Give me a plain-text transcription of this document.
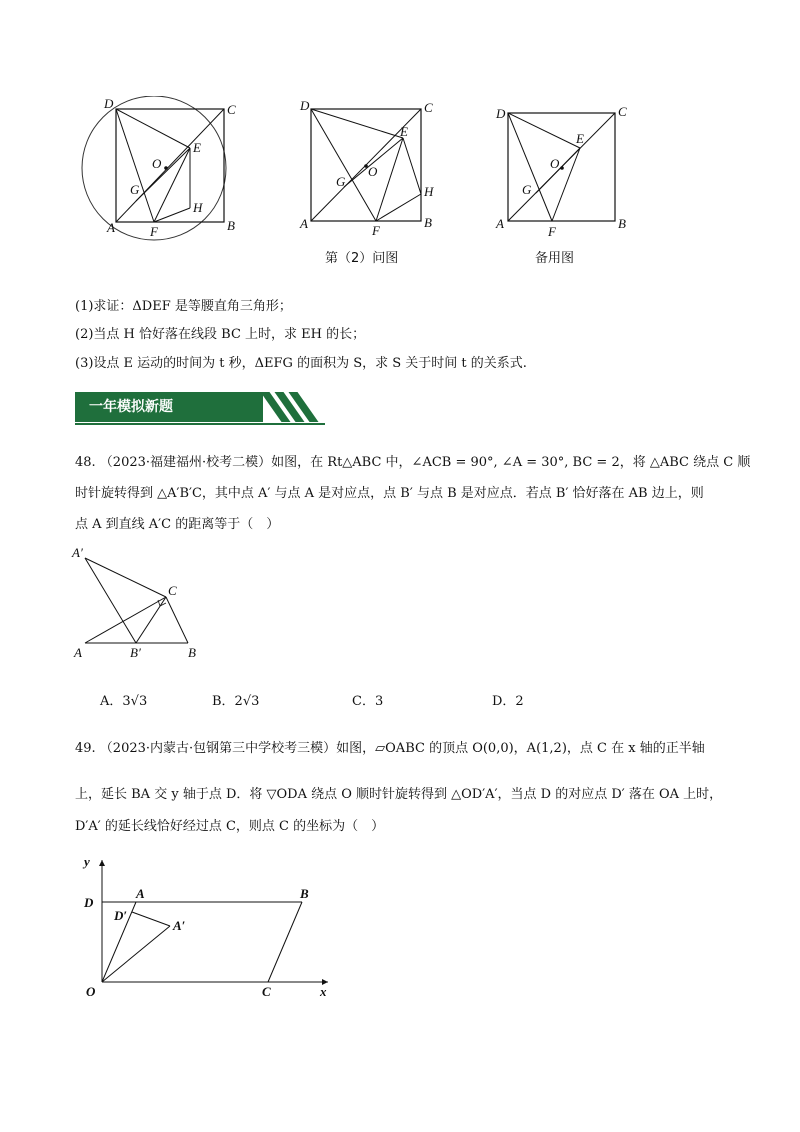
D	C
O
E
G
H
A	F	B
D	C
E
O
G
H
A	F
B
第（2）问图
D	C
E
O
G
A
F
B
备用图
(1)求证：ΔDEF 是等腰直角三角形；
(2)当点 H 恰好落在线段 BC 上时，求 EH 的长；
(3)设点 E 运动的时间为 t 秒，ΔEFG 的面积为 S，求 S 关于时间 t 的关系式.
一年模拟新题
48. （2023·福建福州·校考二模）如图，在 Rt△ABC 中，∠ACB = 90°, ∠A = 30°, BC = 2，将 △ABC 绕点 C 顺
时针旋转得到 △A′B′C，其中点 A′ 与点 A 是对应点，点 B′ 与点 B 是对应点．若点 B′ 恰好落在 AB 边上，则
点 A 到直线 A′C 的距离等于（　）
A′
C
A	B′	B
A．3√3	B．2√3	C．3	D．2
49. （2023·内蒙古·包钢第三中学校考三模）如图，▱OABC 的顶点 O(0,0)，A(1,2)，点 C 在 x 轴的正半轴
上，延长 BA 交 y 轴于点 D．将 ▽ODA 绕点 O 顺时针旋转得到 △OD′A′，当点 D 的对应点 D′ 落在 OA 上时，
D′A′ 的延长线恰好经过点 C，则点 C 的坐标为（　）
y
D
A
D′
A′
B
O	C	x
